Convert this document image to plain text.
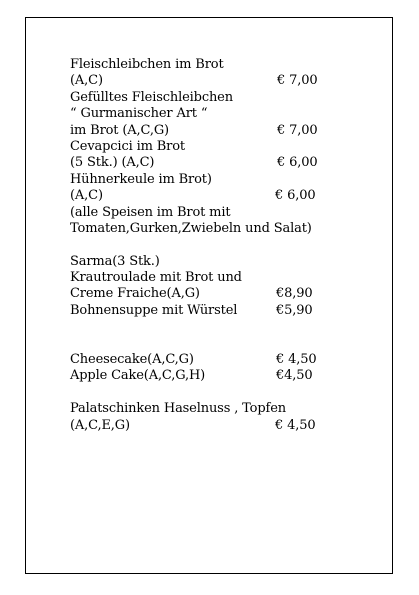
Fleischleibchen im Brot
(A,C)	€ 7,00
Gefülltes Fleischleibchen
“ Gurmanischer Art “
im Brot (A,C,G)	€ 7,00
Cevapcici im Brot
(5 Stk.) (A,C)	€ 6,00
Hühnerkeule im Brot)
(A,C)	€ 6,00
(alle Speisen im Brot mit
Tomaten,Gurken,Zwiebeln und Salat)
Sarma(3 Stk.)
Krautroulade mit Brot und
Creme Fraiche(A,G)	€8,90
Bohnensuppe mit Würstel	€5,90
Cheesecake(A,C,G)	€ 4,50
Apple Cake(A,C,G,H)	€4,50
Palatschinken Haselnuss , Topfen
(A,C,E,G)	€ 4,50
